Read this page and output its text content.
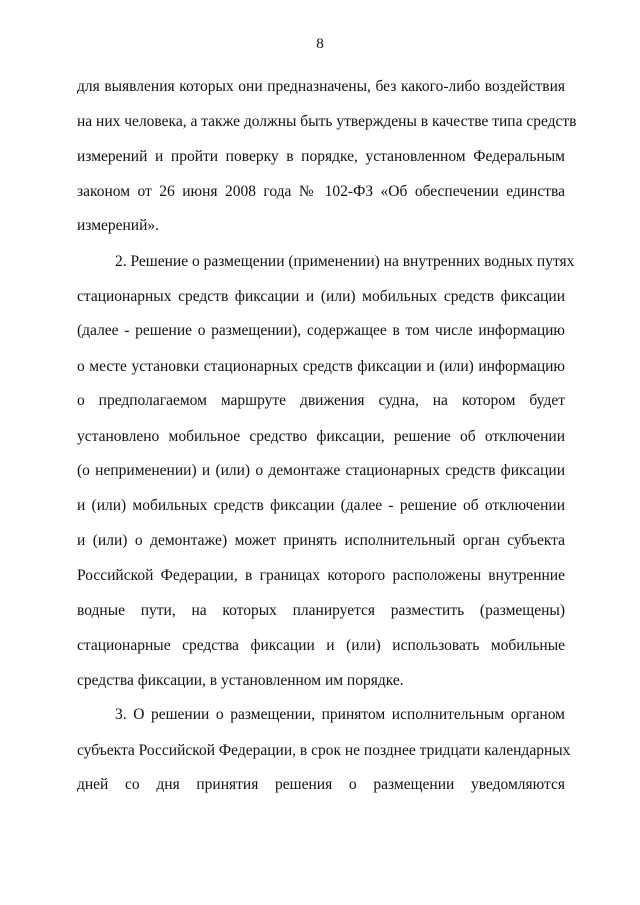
8
для выявления которых они предназначены, без какого-либо воздействия
на них человека, а также должны быть утверждены в качестве типа средств
измерений и пройти поверку в порядке, установленном Федеральным
законом от 26 июня 2008 года № 102-ФЗ «Об обеспечении единства
измерений».
2. Решение о размещении (применении) на внутренних водных путях
стационарных средств фиксации и (или) мобильных средств фиксации
(далее - решение о размещении), содержащее в том числе информацию
о месте установки стационарных средств фиксации и (или) информацию
о предполагаемом маршруте движения судна, на котором будет
установлено мобильное средство фиксации, решение об отключении
(о неприменении) и (или) о демонтаже стационарных средств фиксации
и (или) мобильных средств фиксации (далее - решение об отключении
и (или) о демонтаже) может принять исполнительный орган субъекта
Российской Федерации, в границах которого расположены внутренние
водные пути, на которых планируется разместить (размещены)
стационарные средства фиксации и (или) использовать мобильные
средства фиксации, в установленном им порядке.
3. О решении о размещении, принятом исполнительным органом
субъекта Российской Федерации, в срок не позднее тридцати календарных
дней со дня принятия решения о размещении уведомляются
